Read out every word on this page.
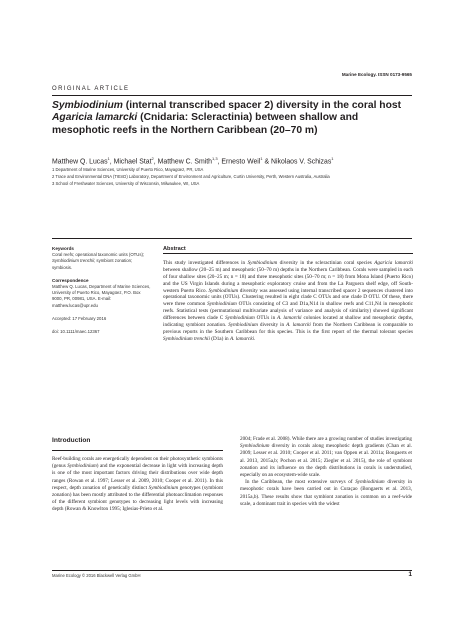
Marine Ecology. ISSN 0173-9565
ORIGINAL ARTICLE
Symbiodinium (internal transcribed spacer 2) diversity in the coral host Agaricia lamarcki (Cnidaria: Scleractinia) between shallow and mesophotic reefs in the Northern Caribbean (20–70 m)
Matthew Q. Lucas$^1$, Michael Stat$^2$, Matthew C. Smith$^{1,3}$, Ernesto Weil$^1$ & Nikolaos V. Schizas$^1$
1 Department of Marine Sciences, University of Puerto Rico, Mayagüez, PR, USA
2 Trace and Environmental DNA (TrEnD) Laboratory, Department of Environment and Agriculture, Curtin University, Perth, Western Australia, Australia
3 School of Freshwater Sciences, University of Wisconsin, Milwaukee, WI, USA
Keywords
Coral reefs; operational taxonomic units (OTUs); Symbiodinium trenchii; symbiont zonation; symbiosis.
Correspondence
Matthew Q. Lucas, Department of Marine Sciences, University of Puerto Rico, Mayagüez, P.O. Box 9000, PR, 00981, USA. E-mail: matthew.lucas@upr.edu
Accepted: 17 February 2016
doi: 10.1111/maec.12367
Abstract

This study investigated differences in Symbiodinium diversity in the scleractinian coral species Agaricia lamarcki between shallow (20–25 m) and mesophotic (50–70 m) depths in the Northern Caribbean. Corals were sampled in each of four shallow sites (20–25 m; n = 18) and three mesophotic sites (50–70 m; n = 18) from Mona Island (Puerto Rico) and the US Virgin Islands during a mesophotic exploratory cruise and from the La Parguera shelf edge, off South-western Puerto Rico. Symbiodinium diversity was assessed using internal transcribed spacer 2 sequences clustered into operational taxonomic units (OTUs). Clustering resulted in eight clade C OTUs and one clade D OTU. Of these, there were three common Symbiodinium OTUs consisting of C3 and D1a,N14 in shallow reefs and C11,N4 in mesophotic reefs. Statistical tests (permutational multivariate analysis of variance and analysis of similarity) showed significant differences between clade C Symbiodinium OTUs in A. lamarcki colonies located at shallow and mesophotic depths, indicating symbiont zonation. Symbiodinium diversity in A. lamarcki from the Northern Caribbean is comparable to previous reports in the Southern Caribbean for this species. This is the first report of the thermal tolerant species Symbiodinium trenchii (D1a) in A. lamarcki.

Introduction

Reef-building corals are energetically dependent on their photosynthetic symbionts (genus Symbiodinium) and the exponential decrease in light with increasing depth is one of the most important factors driving their distributions over wide depth ranges (Rowan et al. 1997; Lesser et al. 2009, 2010; Cooper et al. 2011). In this respect, depth zonation of genetically distinct Symbiodinium genotypes (symbiont zonation) has been mostly attributed to the differential photoacclimation responses of the different symbiont genotypes to decreasing light levels with increasing depth (Rowan & Knowlton 1995; Iglesias-Prieto et al.

2004; Frade et al. 2008). While there are a growing number of studies investigating Symbiodinium diversity in corals along mesophotic depth gradients (Chan et al. 2009; Lesser et al. 2010; Cooper et al. 2011; van Oppen et al. 2011a; Bongaerts et al. 2013, 2015a,b; Pochon et al. 2015; Ziegler et al. 2015), the role of symbiont zonation and its influence on the depth distributions in corals is understudied, especially on an ecosystem-wide scale.
 In the Caribbean, the most extensive surveys of Symbiodinium diversity in mesophotic corals have been carried out in Curaçao (Bongaerts et al. 2013, 2015a,b). These results show that symbiont zonation is common on a reef-wide scale, a dominant trait in species with the widest

Marine Ecology © 2016 Blackwell Verlag GmbH	1
